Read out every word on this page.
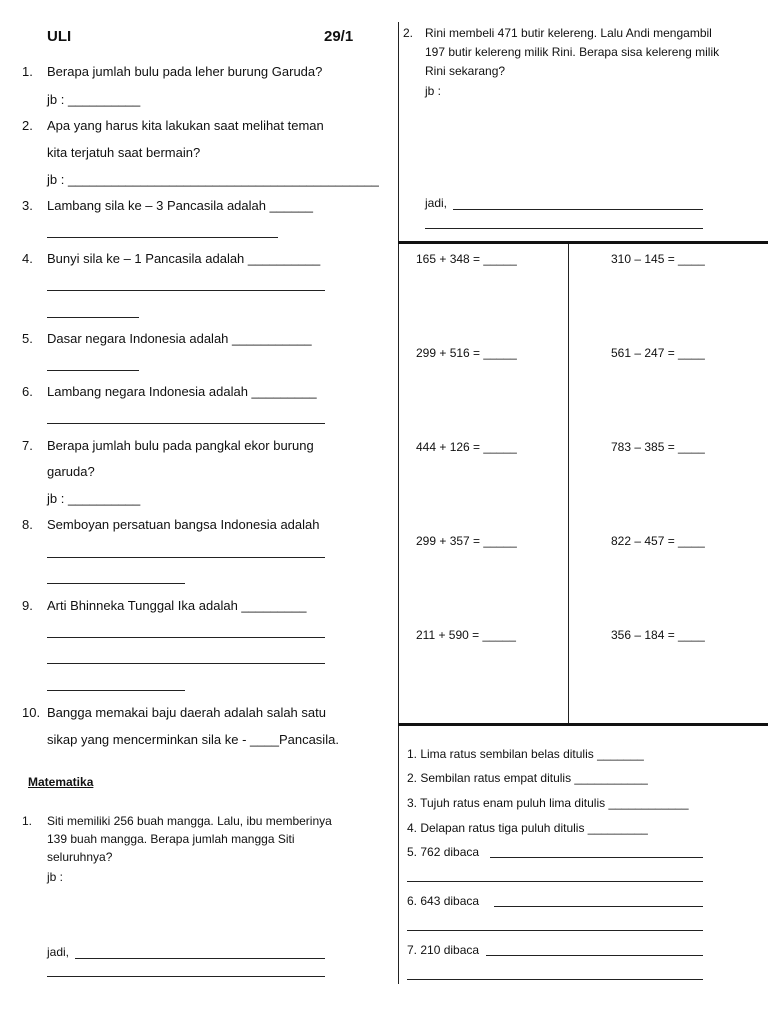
ULI	29/1
1. Berapa jumlah bulu pada leher burung Garuda?
jb : __________
2. Apa yang harus kita lakukan saat melihat teman
kita terjatuh saat bermain?
jb : ___________________________________________
3. Lambang sila ke – 3 Pancasila adalah ______
4. Bunyi sila ke – 1 Pancasila adalah __________
5. Dasar negara Indonesia adalah ___________
6. Lambang negara Indonesia adalah _________
7. Berapa jumlah bulu pada pangkal ekor burung
garuda?
jb : __________
8. Semboyan persatuan bangsa Indonesia adalah
9. Arti Bhinneka Tunggal Ika adalah _________
10. Bangga memakai baju daerah adalah salah satu
sikap yang mencerminkan sila ke - ____Pancasila.
Matematika
1. Siti memiliki 256 buah mangga. Lalu, ibu memberinya
139 buah mangga. Berapa jumlah mangga Siti
seluruhnya?
jb :
jadi,
2. Rini membeli 471 butir kelereng. Lalu Andi mengambil
197 butir kelereng milik Rini. Berapa sisa kelereng milik
Rini sekarang?
jb :
jadi,
165 + 348 = _____
299 + 516 = _____
444 + 126 = _____
299 + 357 = _____
211 + 590 = _____
310 – 145 = ____
561 – 247 = ____
783 – 385 = ____
822 – 457 = ____
356 – 184 = ____
1. Lima ratus sembilan belas ditulis _______
2. Sembilan ratus empat ditulis ___________
3. Tujuh ratus enam puluh lima ditulis ____________
4. Delapan ratus tiga puluh ditulis _________
5. 762 dibaca
6. 643 dibaca
7. 210 dibaca
